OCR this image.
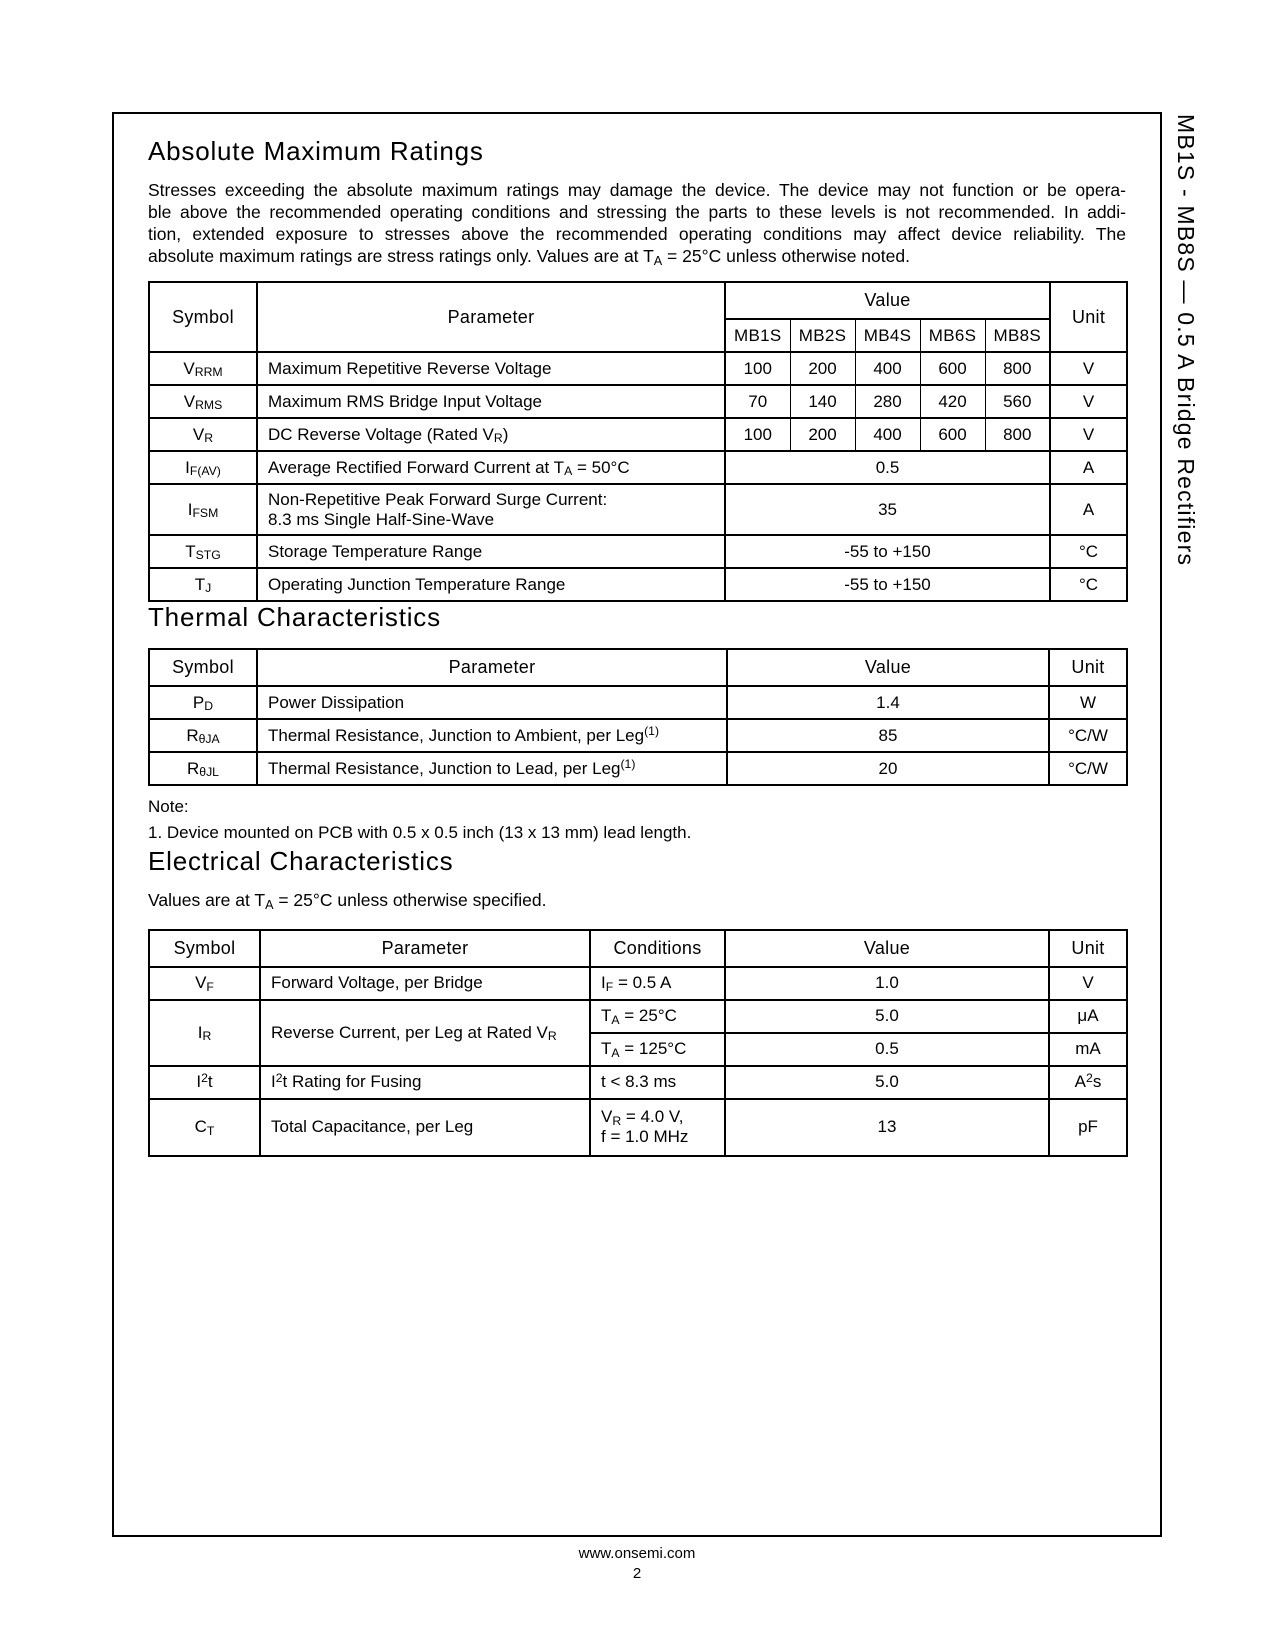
Absolute Maximum Ratings

Stresses exceeding the absolute maximum ratings may damage the device. The device may not function or be opera-
ble above the recommended operating conditions and stressing the parts to these levels is not recommended. In addi-
tion, extended exposure to stresses above the recommended operating conditions may affect device reliability. The
absolute maximum ratings are stress ratings only. Values are at $T_A = 25^\circ C$ unless otherwise noted.

Symbol	Parameter	Value					Unit
		MB1S	MB2S	MB4S	MB6S	MB8S	
$V_{RRM}$	Maximum Repetitive Reverse Voltage	100	200	400	600	800	V
$V_{RMS}$	Maximum RMS Bridge Input Voltage	70	140	280	420	560	V
$V_R$	DC Reverse Voltage (Rated $V_R$)	100	200	400	600	800	V
$I_{F(AV)}$	Average Rectified Forward Current at $T_A = 50^\circ C$	0.5					A
$I_{FSM}$	Non-Repetitive Peak Forward Surge Current:
8.3 ms Single Half-Sine-Wave	35					A
$T_{STG}$	Storage Temperature Range	-55 to +150					°C
$T_J$	Operating Junction Temperature Range	-55 to +150					°C
Thermal Characteristics
Symbol	Parameter	Value	Unit
$P_D$	Power Dissipation	1.4	W
$R_{\theta JA}$	Thermal Resistance, Junction to Ambient, per Leg$^{(1)}$	85	°C/W
$R_{\theta JL}$	Thermal Resistance, Junction to Lead, per Leg$^{(1)}$	20	°C/W
Note:
1. Device mounted on PCB with 0.5 x 0.5 inch (13 x 13 mm) lead length.
Electrical Characteristics

Values are at $T_A = 25^\circ C$ unless otherwise specified.

Symbol	Parameter	Conditions	Value	Unit
$V_F$	Forward Voltage, per Bridge	$I_F = 0.5$ A	1.0	V
$I_R$	Reverse Current, per Leg at Rated $V_R$	$T_A = 25^\circ C$	5.0	μA
		$T_A = 125^\circ C$	0.5	mA
$I^2t$	$I^2t$ Rating for Fusing	t < 8.3 ms	5.0	$A^2s$
$C_T$	Total Capacitance, per Leg	$V_R = 4.0$ V,
f = 1.0 MHz	13	pF
MB1S - MB8S — 0.5 A Bridge Rectifiers
www.onsemi.com
2
